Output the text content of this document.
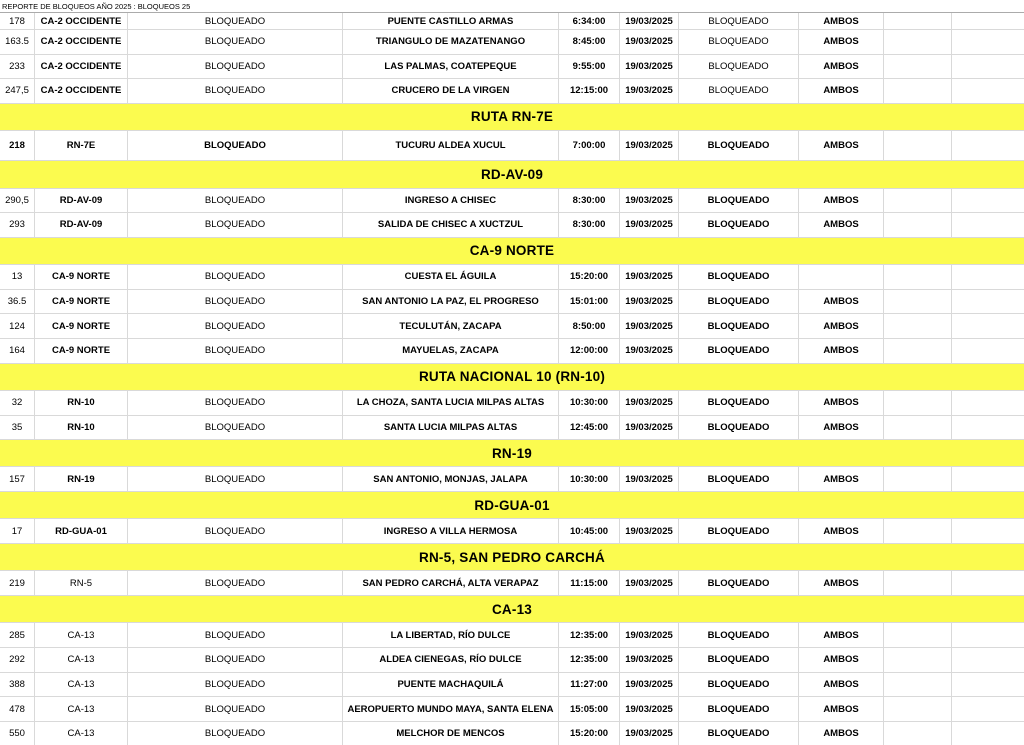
REPORTE DE BLOQUEOS AÑO 2025 : BLOQUEOS 25
178	CA-2 OCCIDENTE	BLOQUEADO	PUENTE CASTILLO ARMAS	6:34:00	19/03/2025	BLOQUEADO	AMBOS
163.5	CA-2 OCCIDENTE	BLOQUEADO	TRIANGULO DE MAZATENANGO	8:45:00	19/03/2025	BLOQUEADO	AMBOS
233	CA-2 OCCIDENTE	BLOQUEADO	LAS PALMAS, COATEPEQUE	9:55:00	19/03/2025	BLOQUEADO	AMBOS
247,5	CA-2 OCCIDENTE	BLOQUEADO	CRUCERO DE LA VIRGEN	12:15:00	19/03/2025	BLOQUEADO	AMBOS
RUTA RN-7E
218	RN-7E	BLOQUEADO	TUCURU ALDEA XUCUL	7:00:00	19/03/2025	BLOQUEADO	AMBOS
RD-AV-09
290,5	RD-AV-09	BLOQUEADO	INGRESO A CHISEC	8:30:00	19/03/2025	BLOQUEADO	AMBOS
293	RD-AV-09	BLOQUEADO	SALIDA DE CHISEC A XUCTZUL	8:30:00	19/03/2025	BLOQUEADO	AMBOS
CA-9 NORTE
13	CA-9 NORTE	BLOQUEADO	CUESTA EL ÁGUILA	15:20:00	19/03/2025	BLOQUEADO
36.5	CA-9 NORTE	BLOQUEADO	SAN ANTONIO LA PAZ, EL PROGRESO	15:01:00	19/03/2025	BLOQUEADO	AMBOS
124	CA-9 NORTE	BLOQUEADO	TECULUTÁN, ZACAPA	8:50:00	19/03/2025	BLOQUEADO	AMBOS
164	CA-9 NORTE	BLOQUEADO	MAYUELAS, ZACAPA	12:00:00	19/03/2025	BLOQUEADO	AMBOS
RUTA NACIONAL 10 (RN-10)
32	RN-10	BLOQUEADO	LA CHOZA, SANTA LUCIA MILPAS ALTAS	10:30:00	19/03/2025	BLOQUEADO	AMBOS
35	RN-10	BLOQUEADO	SANTA LUCIA MILPAS ALTAS	12:45:00	19/03/2025	BLOQUEADO	AMBOS
RN-19
157	RN-19	BLOQUEADO	SAN ANTONIO, MONJAS, JALAPA	10:30:00	19/03/2025	BLOQUEADO	AMBOS
RD-GUA-01
17	RD-GUA-01	BLOQUEADO	INGRESO A VILLA HERMOSA	10:45:00	19/03/2025	BLOQUEADO	AMBOS
RN-5, SAN PEDRO CARCHÁ
219	RN-5	BLOQUEADO	SAN PEDRO CARCHÁ, ALTA VERAPAZ	11:15:00	19/03/2025	BLOQUEADO	AMBOS
CA-13
285	CA-13	BLOQUEADO	LA LIBERTAD, RÍO DULCE	12:35:00	19/03/2025	BLOQUEADO	AMBOS
292	CA-13	BLOQUEADO	ALDEA CIENEGAS, RÍO DULCE	12:35:00	19/03/2025	BLOQUEADO	AMBOS
388	CA-13	BLOQUEADO	PUENTE MACHAQUILÁ	11:27:00	19/03/2025	BLOQUEADO	AMBOS
478	CA-13	BLOQUEADO	AEROPUERTO MUNDO MAYA, SANTA ELENA	15:05:00	19/03/2025	BLOQUEADO	AMBOS
550	CA-13	BLOQUEADO	MELCHOR DE MENCOS	15:20:00	19/03/2025	BLOQUEADO	AMBOS
